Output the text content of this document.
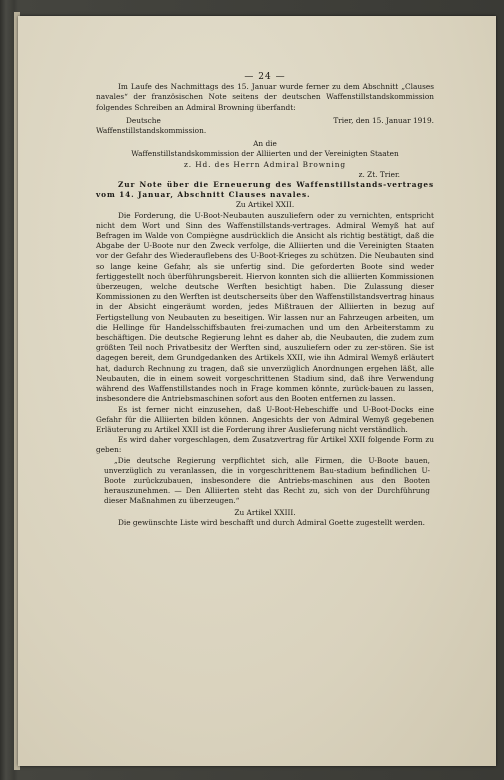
— 24 —

Im Laufe des Nachmittags des 15. Januar wurde ferner zu dem Abschnitt „Clauses navales“ der französischen Note seitens der deutschen Waffenstillstandskommission folgendes Schreiben an Admiral Browning überfandt:

Deutsche	Trier, den 15. Januar 1919.

Waffenstillstandskommission.

An die

Waffenstillstandskommission der Alliierten und der Vereinigten Staaten

z. Hd. des Herrn Admiral Browning

z. Zt. Trier.

Zur Note über die Erneuerung des Waffenstillstands-vertrages vom 14. Januar, Abschnitt Clauses navales.

Zu Artikel XXII.

Die Forderung, die U-Boot-Neubauten auszuliefern oder zu vernichten, entspricht nicht dem Wort und Sinn des Waffenstillstands-vertrages. Admiral Wemyß hat auf Befragen im Walde von Compiègne ausdrücklich die Ansicht als richtig bestätigt, daß die Abgabe der U-Boote nur den Zweck verfolge, die Alliierten und die Vereinigten Staaten vor der Gefahr des Wiederauflebens des U-Boot-Krieges zu schützen. Die Neubauten sind so lange keine Gefahr, als sie unfertig sind. Die geforderten Boote sind weder fertiggestellt noch überführungsbereit. Hiervon konnten sich die alliierten Kommissionen überzeugen, welche deutsche Werften besichtigt haben. Die Zulassung dieser Kommissionen zu den Werften ist deutscherseits über den Waffenstillstandsvertrag hinaus in der Absicht eingeräumt worden, jedes Mißtrauen der Alliierten in bezug auf Fertigstellung von Neubauten zu beseitigen. Wir lassen nur an Fahrzeugen arbeiten, um die Hellinge für Handelsschiffsbauten frei-zumachen und um den Arbeiterstamm zu beschäftigen. Die deutsche Regierung lehnt es daher ab, die Neubauten, die zudem zum größten Teil noch Privatbesitz der Werften sind, auszuliefern oder zu zer-stören. Sie ist dagegen bereit, dem Grundgedanken des Artikels XXII, wie ihn Admiral Wemyß erläutert hat, dadurch Rechnung zu tragen, daß sie unverzüglich Anordnungen ergehen läßt, alle Neubauten, die in einem soweit vorgeschrittenen Stadium sind, daß ihre Verwendung während des Waffenstillstandes noch in Frage kommen könnte, zurück-bauen zu lassen, insbesondere die Antriebsmaschinen sofort aus den Booten entfernen zu lassen.

Es ist ferner nicht einzusehen, daß U-Boot-Hebeschiffe und U-Boot-Docks eine Gefahr für die Alliierten bilden können. Angesichts der von Admiral Wemyß gegebenen Erläuterung zu Artikel XXII ist die Forderung ihrer Auslieferung nicht verständlich.

Es wird daher vorgeschlagen, dem Zusatzvertrag für Artikel XXII folgende Form zu geben:

„Die deutsche Regierung verpflichtet sich, alle Firmen, die U-Boote bauen, unverzüglich zu veranlassen, die in vorgeschrittenem Bau-stadium befindlichen U-Boote zurückzubauen, insbesondere die Antriebs-maschinen aus den Booten herauszunehmen. — Den Alliierten steht das Recht zu, sich von der Durchführung dieser Maßnahmen zu überzeugen.“

Zu Artikel XXIII.

Die gewünschte Liste wird beschafft und durch Admiral Goette zugestellt werden.
